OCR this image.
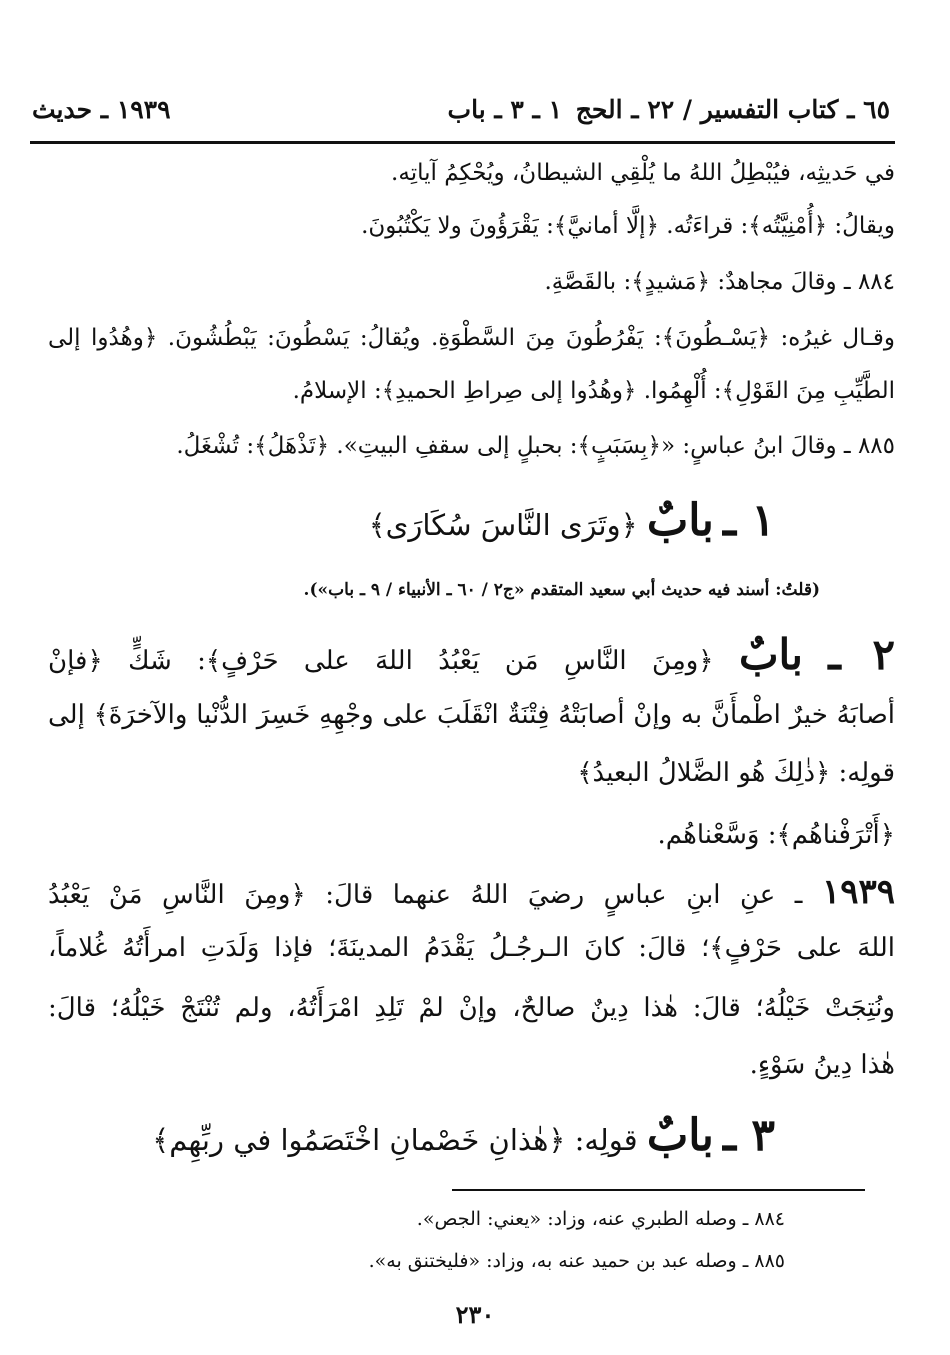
٦٥ ـ كتاب التفسير / ٢٢ ـ الحج
١ ـ ٣ ـ باب
١٩٣٩ ـ حديث
في حَديثِه، فيُبْطِلُ اللهُ ما يُلْقِي الشيطانُ، ويُحْكِمُ آياتِه.
ويقالُ: ﴿أُمْنِيَّتُه﴾: قراءَتُه. ﴿إلَّا أمانيَّ﴾: يَقْرَؤُونَ ولا يَكْتُبُونَ.
٨٨٤ ـ وقالَ مجاهدٌ: ﴿مَشيدٍ﴾: بالقَصَّةِ.
وقـال غيرُه: ﴿يَسْـطُونَ﴾: يَفْرُطُونَ مِنَ السَّطْوَةِ. ويُقالُ: يَسْطُونَ: يَبْطُشُونَ. ﴿وهُدُوا إلى
الطَّيِّبِ مِنَ القَوْلِ﴾: أُلْهِمُوا. ﴿وهُدُوا إلى صِراطِ الحميدِ﴾: الإسلامُ.
٨٨٥ ـ وقالَ ابنُ عباسٍ: «﴿بِسَبَبٍ﴾: بحبلٍ إلى سقفِ البيتِ». ﴿تَذْهَلُ﴾: تُشْغَلُ.
١ ـ بابٌ ﴿وتَرَى النَّاسَ سُكَارَى﴾
(قلتُ: أسند فيه حديث أبي سعيد المتقدم «ج٢ / ٦٠ ـ الأنبياء / ٩ ـ باب»).
٢ ـ بابٌ ﴿ومِنَ النَّاسِ مَن يَعْبُدُ اللهَ على حَرْفٍ﴾: شَكٍّ ﴿فإنْ
أصابَهُ خيرٌ اطْمأَنَّ به وإنْ أصابَتْهُ فِتْنَةٌ انْقَلَبَ على وجْهِهِ خَسِرَ الدُّنْيا والآخرَةَ﴾ إلى
قولِه: ﴿ذٰلِكَ هُو الضَّلالُ البعيدُ﴾
﴿أَتْرَفْناهُم﴾: وَسَّعْناهُم.
١٩٣٩ ـ عنِ ابنِ عباسٍ رضيَ اللهُ عنهما قالَ: ﴿ومِنَ النَّاسِ مَنْ يَعْبُدُ
اللهَ على حَرْفٍ﴾؛ قالَ: كانَ الـرجُـلُ يَقْدَمُ المدينَةَ؛ فإذا وَلَدَتِ امرأَتُهُ غُلاماً،
ونُتِجَتْ خَيْلُهُ؛ قالَ: هٰذا دِينٌ صالحٌ، وإنْ لمْ تَلِدِ امْرَأَتُهُ، ولم تُنْتَجْ خَيْلُهُ؛ قالَ:
هٰذا دِينُ سَوْءٍ.
٣ ـ بابٌ قولِه: ﴿هٰذانِ خَصْمانِ اخْتَصَمُوا في ربِّهِم﴾
٨٨٤ ـ وصله الطبري عنه، وزاد: «يعني: الجص».
٨٨٥ ـ وصله عبد بن حميد عنه به، وزاد: «فليختنق به».
٢٣٠
